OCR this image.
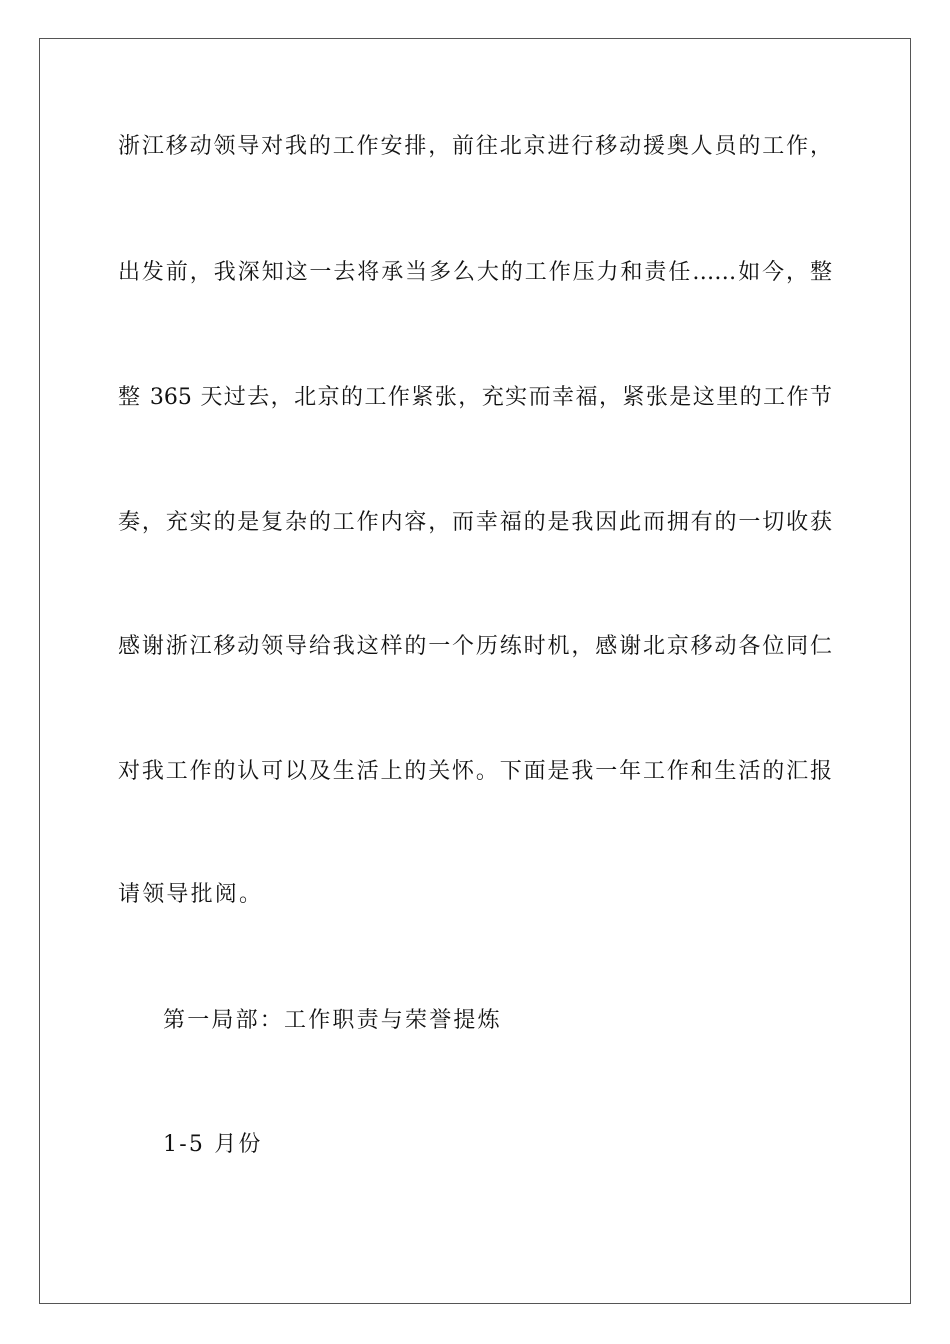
浙江移动领导对我的工作安排，前往北京进行移动援奥人员的工作，
出发前，我深知这一去将承当多么大的工作压力和责任……如今，整
整 365 天过去，北京的工作紧张，充实而幸福，紧张是这里的工作节
奏，充实的是复杂的工作内容，而幸福的是我因此而拥有的一切收获
感谢浙江移动领导给我这样的一个历练时机，感谢北京移动各位同仁
对我工作的认可以及生活上的关怀。下面是我一年工作和生活的汇报
请领导批阅。
第一局部：工作职责与荣誉提炼
1-5 月份
